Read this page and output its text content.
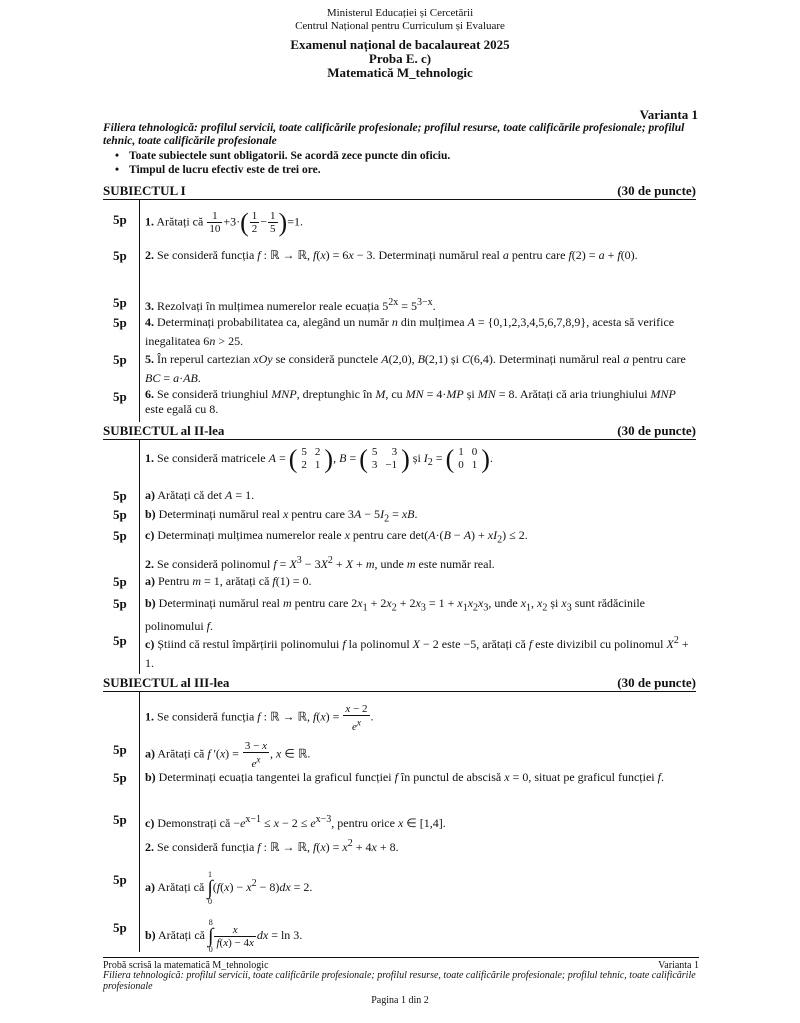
Ministerul Educației și Cercetării
Centrul Național pentru Curriculum și Evaluare
Examenul național de bacalaureat 2025
Proba E. c)
Matematică M_tehnologic
Varianta 1
Filiera tehnologică: profilul servicii, toate calificările profesionale; profilul resurse, toate calificările profesionale; profilul tehnic, toate calificările profesionale
• Toate subiectele sunt obligatorii. Se acordă zece puncte din oficiu.
• Timpul de lucru efectiv este de trei ore.
SUBIECTUL I	(30 de puncte)
5p 1. Arătați că $\frac{1}{10} +3\cdot( \frac{1}{2} - \frac{1}{5} )=1$.
5p 2. Se consideră funcția f : ℝ → ℝ, f(x) = 6x − 3. Determinați numărul real a pentru care f(2) = a + f(0).
5p 3. Rezolvați în mulțimea numerelor reale ecuația $5^{2x} = 5^{3-x}$.
5p 4. Determinați probabilitatea ca, alegând un număr n din mulțimea A = {0,1,2,3,4,5,6,7,8,9}, acesta să verifice inegalitatea 6n > 25.
5p 5. În reperul cartezian xOy se consideră punctele A(2,0), B(2,1) și C(6,4). Determinați numărul real a pentru care BC = a·AB.
5p 6. Se consideră triunghiul MNP, dreptunghic în M, cu MN = 4·MP și MN = 8. Arătați că aria triunghiului MNP este egală cu 8.
SUBIECTUL al II-lea	(30 de puncte)
1. Se consideră matricele A = ( 5	2
2	1 ), B = ( 5	3
3	−1 ) și $I_2$ = ( 1	0
0	1 ).
5p a) Arătați că det A = 1.
5p b) Determinați numărul real x pentru care $3A - 5I_2$ = xB.
5p c) Determinați mulțimea numerelor reale x pentru care $\det(A\cdot(B - A) + xI_2) \le 2$.
2. Se consideră polinomul $f = X^3 - 3X^2 + X + m$, unde m este număr real.
5p a) Pentru m = 1, arătați că f(1) = 0.
5p b) Determinați numărul real m pentru care $2x_1 + 2x_2 + 2x_3 = 1 + x_1x_2x_3$, unde $x_1$, $x_2$ și $x_3$ sunt rădăcinile polinomului f.
5p c) Știind că restul împărțirii polinomului f la polinomul X − 2 este −5, arătați că f este divizibil cu polinomul $X^2 + 1$.
SUBIECTUL al III-lea	(30 de puncte)
1. Se consideră funcția f : ℝ → ℝ, $f(x) = \frac{x - 2}{e^x}$ .
5p a) Arătați că f '$(x) = \frac{3 - x}{e^x}$ , x ∈ ℝ.
5p b) Determinați ecuația tangentei la graficul funcției f în punctul de abscisă x = 0, situat pe graficul funcției f.
5p c) Demonstrați că $-e^{x-1} \le x - 2 \le e^{x-3}$, pentru orice x ∈ [1,4].
2. Se consideră funcția f : ℝ → ℝ, $f(x) = x^2 + 4x + 8$.
5p a) Arătați că
1
∫
0
$(f(x) - x^2 - 8)dx = 2$.
5p b) Arătați că
8
∫
0
$\frac{x}{f(x) - 4x}$ dx = ln 3.
Probă scrisă la matematică M_tehnologic	Varianta 1
Filiera tehnologică: profilul servicii, toate calificările profesionale; profilul resurse, toate calificările profesionale; profilul tehnic, toate calificările profesionale
Pagina 1 din 2
